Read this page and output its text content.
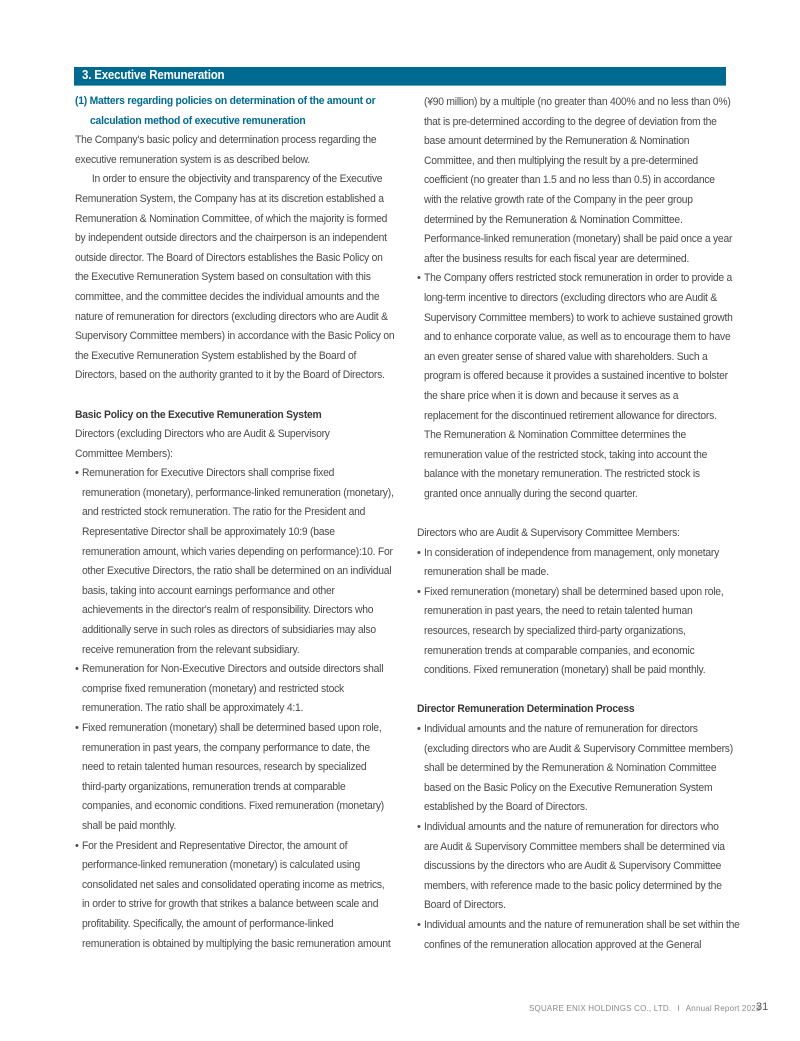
3. Executive Remuneration
(1) Matters regarding policies on determination of the amount or
calculation method of executive remuneration
The Company's basic policy and determination process regarding the
executive remuneration system is as described below.
In order to ensure the objectivity and transparency of the Executive
Remuneration System, the Company has at its discretion established a
Remuneration & Nomination Committee, of which the majority is formed
by independent outside directors and the chairperson is an independent
outside director. The Board of Directors establishes the Basic Policy on
the Executive Remuneration System based on consultation with this
committee, and the committee decides the individual amounts and the
nature of remuneration for directors (excluding directors who are Audit &
Supervisory Committee members) in accordance with the Basic Policy on
the Executive Remuneration System established by the Board of
Directors, based on the authority granted to it by the Board of Directors.
Basic Policy on the Executive Remuneration System
Directors (excluding Directors who are Audit & Supervisory
Committee Members):
• Remuneration for Executive Directors shall comprise fixed
remuneration (monetary), performance-linked remuneration (monetary),
and restricted stock remuneration. The ratio for the President and
Representative Director shall be approximately 10:9 (base
remuneration amount, which varies depending on performance):10. For
other Executive Directors, the ratio shall be determined on an individual
basis, taking into account earnings performance and other
achievements in the director's realm of responsibility. Directors who
additionally serve in such roles as directors of subsidiaries may also
receive remuneration from the relevant subsidiary.
• Remuneration for Non-Executive Directors and outside directors shall
comprise fixed remuneration (monetary) and restricted stock
remuneration. The ratio shall be approximately 4:1.
• Fixed remuneration (monetary) shall be determined based upon role,
remuneration in past years, the company performance to date, the
need to retain talented human resources, research by specialized
third-party organizations, remuneration trends at comparable
companies, and economic conditions. Fixed remuneration (monetary)
shall be paid monthly.
• For the President and Representative Director, the amount of
performance-linked remuneration (monetary) is calculated using
consolidated net sales and consolidated operating income as metrics,
in order to strive for growth that strikes a balance between scale and
profitability. Specifically, the amount of performance-linked
remuneration is obtained by multiplying the basic remuneration amount
(¥90 million) by a multiple (no greater than 400% and no less than 0%)
that is pre-determined according to the degree of deviation from the
base amount determined by the Remuneration & Nomination
Committee, and then multiplying the result by a pre-determined
coefficient (no greater than 1.5 and no less than 0.5) in accordance
with the relative growth rate of the Company in the peer group
determined by the Remuneration & Nomination Committee.
Performance-linked remuneration (monetary) shall be paid once a year
after the business results for each fiscal year are determined.
• The Company offers restricted stock remuneration in order to provide a
long-term incentive to directors (excluding directors who are Audit &
Supervisory Committee members) to work to achieve sustained growth
and to enhance corporate value, as well as to encourage them to have
an even greater sense of shared value with shareholders. Such a
program is offered because it provides a sustained incentive to bolster
the share price when it is down and because it serves as a
replacement for the discontinued retirement allowance for directors.
The Remuneration & Nomination Committee determines the
remuneration value of the restricted stock, taking into account the
balance with the monetary remuneration. The restricted stock is
granted once annually during the second quarter.
Directors who are Audit & Supervisory Committee Members:
• In consideration of independence from management, only monetary
remuneration shall be made.
• Fixed remuneration (monetary) shall be determined based upon role,
remuneration in past years, the need to retain talented human
resources, research by specialized third-party organizations,
remuneration trends at comparable companies, and economic
conditions. Fixed remuneration (monetary) shall be paid monthly.
Director Remuneration Determination Process
• Individual amounts and the nature of remuneration for directors
(excluding directors who are Audit & Supervisory Committee members)
shall be determined by the Remuneration & Nomination Committee
based on the Basic Policy on the Executive Remuneration System
established by the Board of Directors.
• Individual amounts and the nature of remuneration for directors who
are Audit & Supervisory Committee members shall be determined via
discussions by the directors who are Audit & Supervisory Committee
members, with reference made to the basic policy determined by the
Board of Directors.
• Individual amounts and the nature of remuneration shall be set within the
confines of the remuneration allocation approved at the General
SQUARE ENIX HOLDINGS CO., LTD. I Annual Report 2023
31
